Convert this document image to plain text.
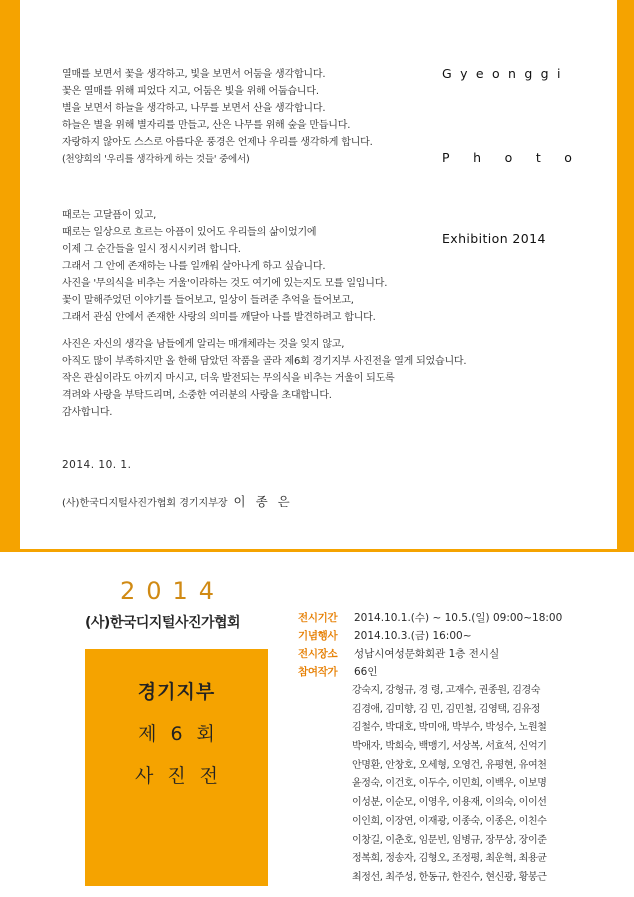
열매를 보면서 꽃을 생각하고, 빛을 보면서 어둠을 생각합니다.
꽃은 열매를 위해 피었다 지고, 어둠은 빛을 위해 어둡습니다.
별을 보면서 하늘을 생각하고, 나무를 보면서 산을 생각합니다.
하늘은 별을 위해 별자리를 만들고, 산은 나무를 위해 숲을 만듭니다.
자랑하지 않아도 스스로 아름다운 풍경은 언제나 우리를 생각하게 합니다.
(천양희의 '우리를 생각하게 하는 것들' 중에서)
때로는 고달픔이 있고,
때로는 일상으로 흐르는 아픔이 있어도 우리들의 삶이었기에
이제 그 순간들을 일시 정시시키려 합니다.
그래서 그 안에 존재하는 나를 일깨워 살아나게 하고 싶습니다.
사진을 '무의식을 비추는 거울'이라하는 것도 여기에 있는지도 모를 일입니다.
꽃이 말해주었던 이야기를 들어보고, 일상이 들려준 추억을 들어보고,
그래서 관심 안에서 존재한 사랑의 의미를 깨달아 나를 발견하려고 합니다.
사진은 자신의 생각을 남들에게 알리는 매개체라는 것을 잊지 않고,
아직도 많이 부족하지만 올 한해 담았던 작품을 골라 제6회 경기지부 사진전을 열게 되었습니다.
작은 관심이라도 아끼지 마시고, 더욱 발전되는 무의식을 비추는 거울이 되도록
격려와 사랑을 부탁드리며, 소중한 여러분의 사랑을 초대합니다.
감사합니다.
2014. 10. 1.
(사)한국디지털사진가협회 경기지부장 이 종 은
Gyeonggi
P h o t o
Exhibition 2014
2014
(사)한국디지털사진가협회
경기지부
제6회
사진전
전시기간 2014.10.1.(수) ~ 10.5.(일) 09:00~18:00
기념행사 2014.10.3.(금) 16:00~
전시장소 성남시여성문화회관 1층 전시실
참여작가 66인
강숙지, 강형규, 경 령, 고재수, 권종원, 김경숙
김경애, 김미향, 김 민, 김민철, 김영택, 김유정
김철수, 박대호, 박미애, 박부수, 박성수, 노원철
박애자, 박희숙, 백맹기, 서상복, 서효석, 신억기
안명환, 안창호, 오세형, 오영건, 유평현, 유여천
윤정숙, 이건호, 이두수, 이민희, 이백우, 이보명
이성분, 이순모, 이영우, 이용재, 이의숙, 이이선
이인희, 이장연, 이재광, 이종숙, 이종은, 이친수
이창길, 이춘호, 임문빈, 임병규, 장무상, 장이준
정복희, 정송자, 김형오, 조정평, 최운혁, 최용균
최정선, 최주성, 한동규, 한진수, 현신광, 황봉근
